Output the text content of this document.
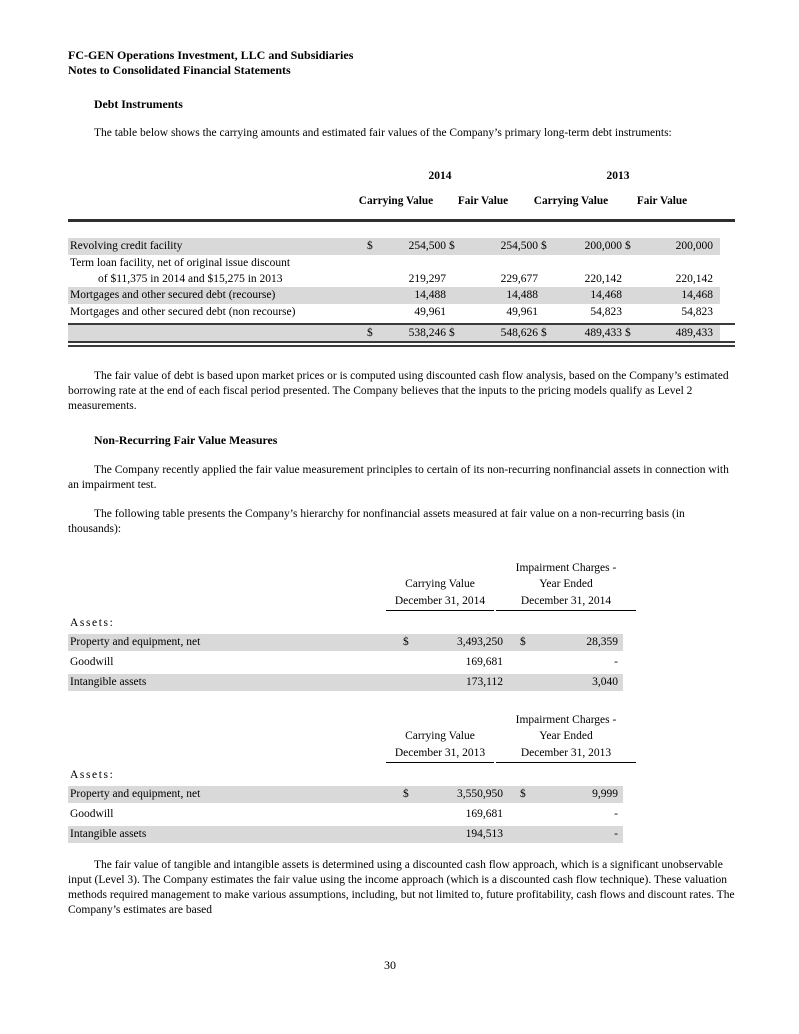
FC-GEN Operations Investment, LLC and Subsidiaries
Notes to Consolidated Financial Statements
Debt Instruments

The table below shows the carrying amounts and estimated fair values of the Company’s primary long-term debt instruments:

2014	2013
Carrying Value	Fair Value	Carrying Value	Fair Value
Revolving credit facility	$	254,500 $	254,500 $	200,000 $	200,000
Term loan facility, net of original issue discount
of $11,375 in 2014 and $15,275 in 2013	219,297	229,677	220,142	220,142
Mortgages and other secured debt (recourse)	14,488	14,488	14,468	14,468
Mortgages and other secured debt (non recourse)	49,961	49,961	54,823	54,823
$	538,246 $	548,626 $	489,433 $	489,433

The fair value of debt is based upon market prices or is computed using discounted cash flow analysis, based on the Company’s estimated borrowing rate at the end of each fiscal period presented. The Company believes that the inputs to the pricing models qualify as Level 2 measurements.

Non-Recurring Fair Value Measures

The Company recently applied the fair value measurement principles to certain of its non-recurring nonfinancial assets in connection with an impairment test.

The following table presents the Company’s hierarchy for nonfinancial assets measured at fair value on a non-recurring basis (in thousands):

Carrying Value
December 31, 2014
Impairment Charges -
Year Ended
December 31, 2014
Assets:
Property and equipment, net	$	3,493,250	$	28,359
Goodwill	169,681	-
Intangible assets	173,112	3,040
Carrying Value
December 31, 2013
Impairment Charges -
Year Ended
December 31, 2013
Assets:
Property and equipment, net	$	3,550,950	$	9,999
Goodwill	169,681	-
Intangible assets	194,513	-

The fair value of tangible and intangible assets is determined using a discounted cash flow approach, which is a significant unobservable input (Level 3). The Company estimates the fair value using the income approach (which is a discounted cash flow technique). These valuation methods required management to make various assumptions, including, but not limited to, future profitability, cash flows and discount rates. The Company’s estimates are based

30
